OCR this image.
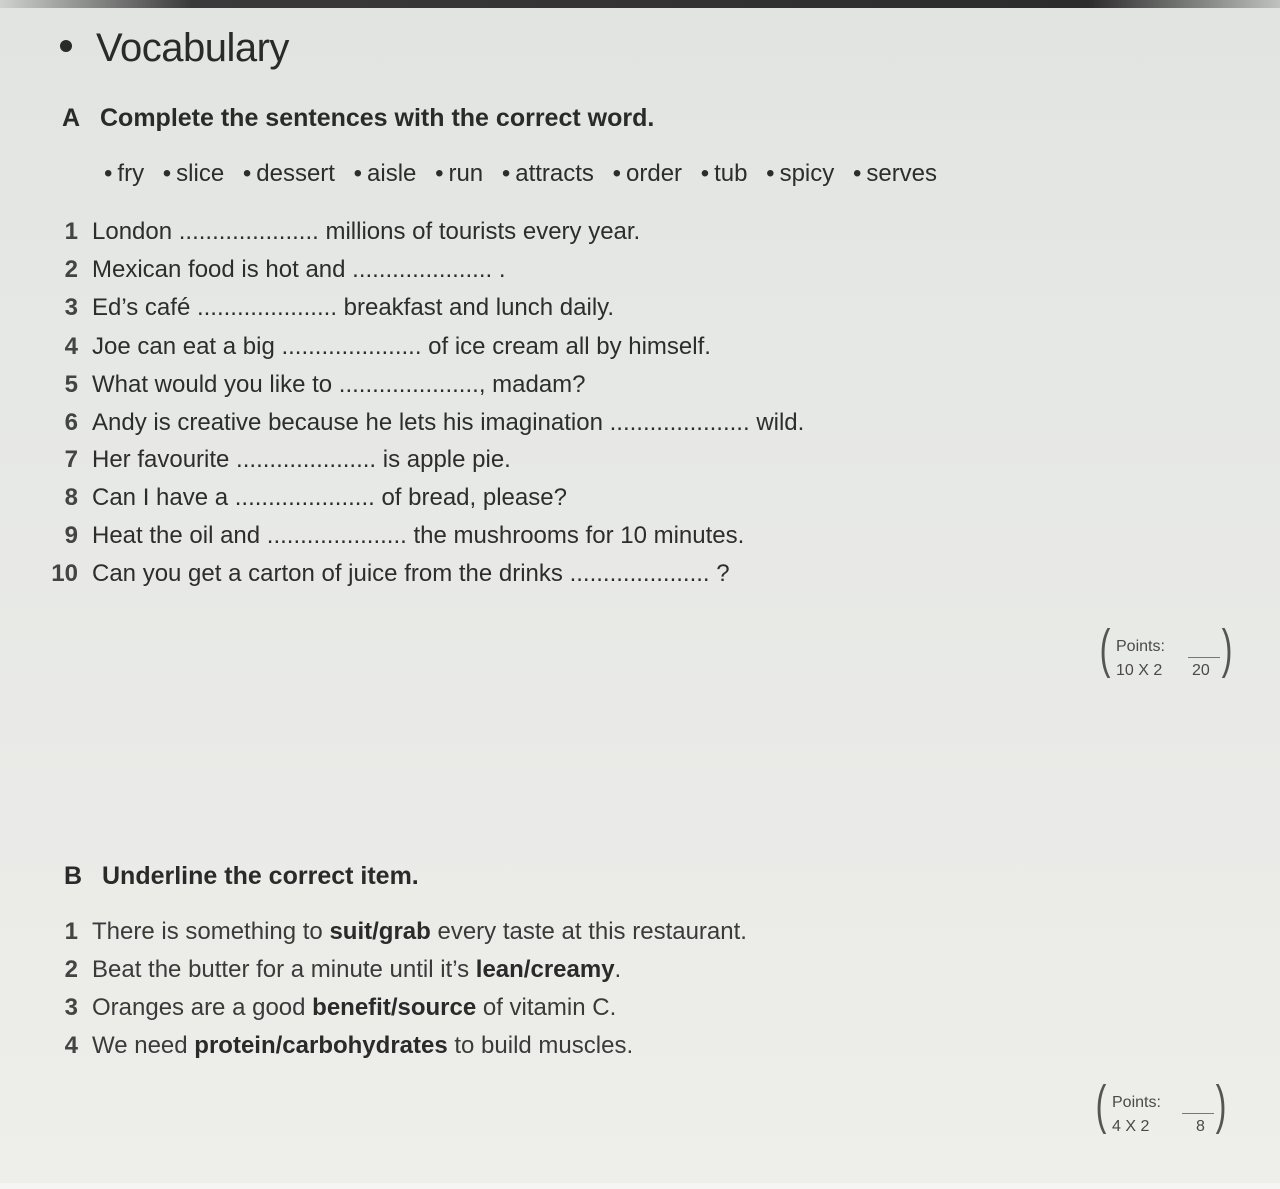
Vocabulary
A Complete the sentences with the correct word.
• fry • slice • dessert • aisle • run • attracts • order • tub • spicy • serves
1 London ..................... millions of tourists every year.
2 Mexican food is hot and ..................... .
3 Ed’s café ..................... breakfast and lunch daily.
4 Joe can eat a big ..................... of ice cream all by himself.
5 What would you like to ....................., madam?
6 Andy is creative because he lets his imagination ..................... wild.
7 Her favourite ..................... is apple pie.
8 Can I have a ..................... of bread, please?
9 Heat the oil and ..................... the mushrooms for 10 minutes.
10 Can you get a carton of juice from the drinks ..................... ?
( Points:
10 X 2 20 )
B Underline the correct item.
1 There is something to suit/grab every taste at this restaurant.
2 Beat the butter for a minute until it’s lean/creamy.
3 Oranges are a good benefit/source of vitamin C.
4 We need protein/carbohydrates to build muscles.
( Points:
4 X 2	8 )
